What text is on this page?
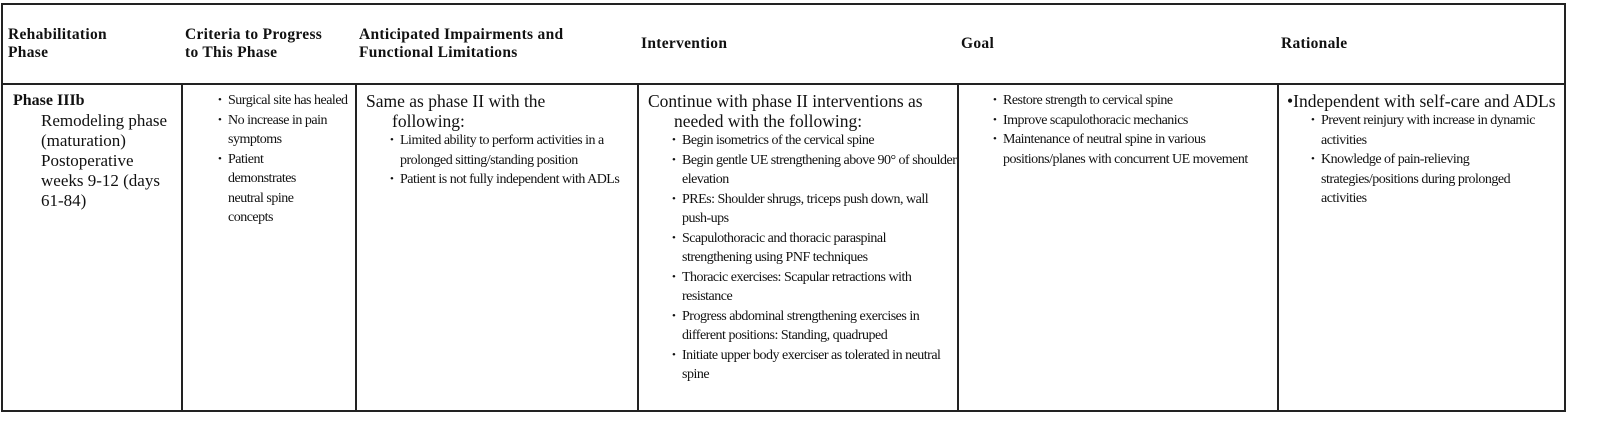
Rehabilitation Phase
Criteria to Progress to This Phase
Anticipated Impairments and Functional Limitations
Intervention	Goal	Rationale
Phase IIIb
Remodeling phase
(maturation)
Postoperative
weeks 9-12 (days
61-84)
• Surgical site has healed
• No increase in pain symptoms
• Patient demonstrates neutral spine concepts
Same as phase II with the
following:
• Limited ability to perform activities in a prolonged sitting/standing position
• Patient is not fully independent with ADLs
Continue with phase II interventions as
needed with the following:
• Begin isometrics of the cervical spine
• Begin gentle UE strengthening above 90° of shoulder elevation
• PREs: Shoulder shrugs, triceps push down, wall push-ups
• Scapulothoracic and thoracic paraspinal strengthening using PNF techniques
• Thoracic exercises: Scapular retractions with resistance
• Progress abdominal strengthening exercises in different positions: Standing, quadruped
• Initiate upper body exerciser as tolerated in neutral spine
• Restore strength to cervical spine
• Improve scapulothoracic mechanics
• Maintenance of neutral spine in various positions/planes with concurrent UE movement
•Independent with self-care and ADLs
• Prevent reinjury with increase in dynamic activities
• Knowledge of pain-relieving strategies/positions during prolonged activities
